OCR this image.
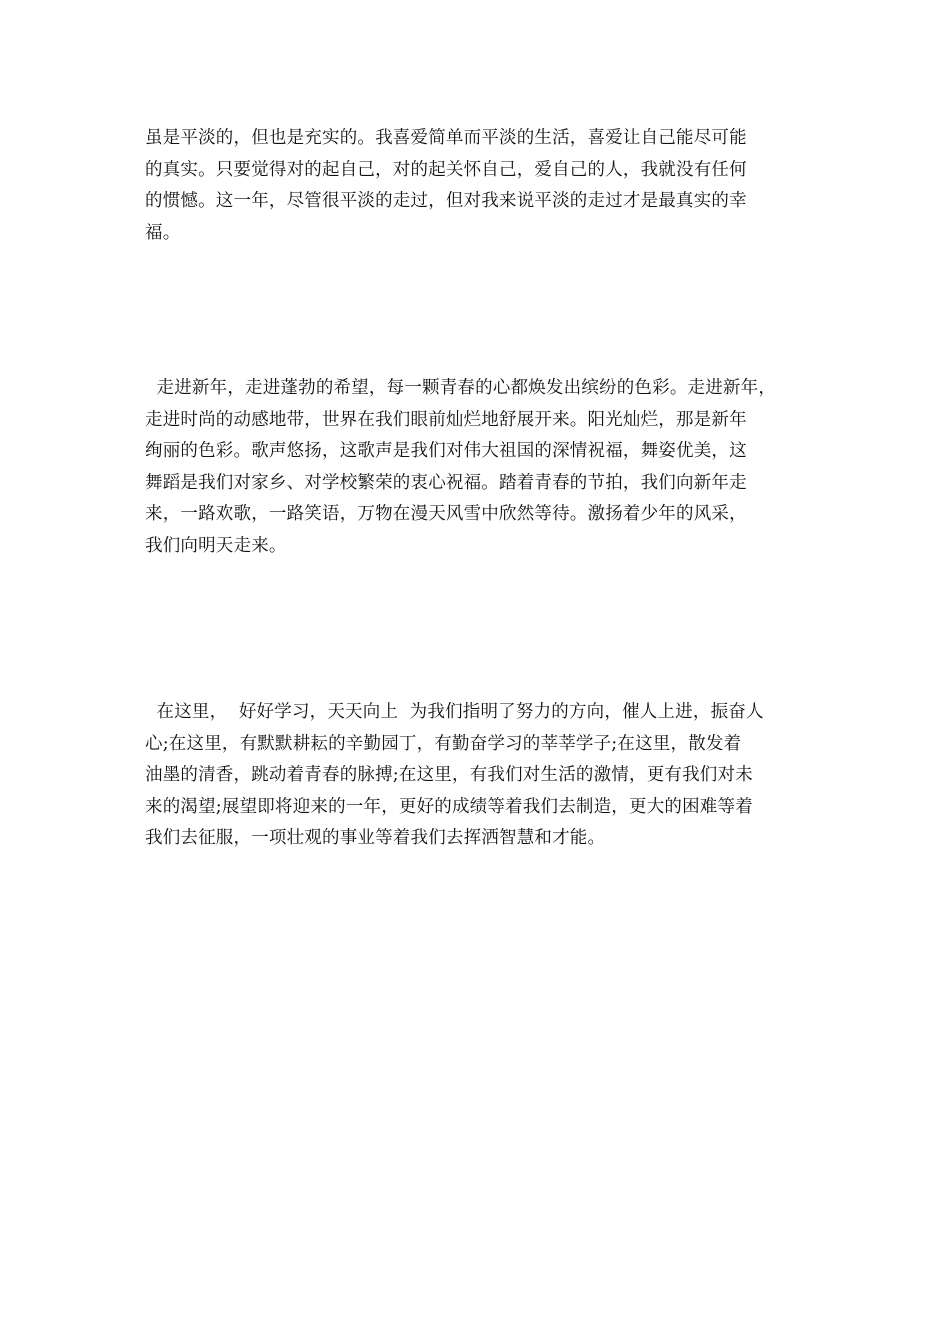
虽是平淡的，但也是充实的。我喜爱简单而平淡的生活，喜爱让自己能尽可能
的真实。只要觉得对的起自己，对的起关怀自己，爱自己的人，我就没有任何
的惯憾。这一年，尽管很平淡的走过，但对我来说平淡的走过才是最真实的幸
福。
走进新年，走进蓬勃的希望，每一颗青春的心都焕发出缤纷的色彩。走进新年，
走进时尚的动感地带，世界在我们眼前灿烂地舒展开来。阳光灿烂，那是新年
绚丽的色彩。歌声悠扬，这歌声是我们对伟大祖国的深情祝福，舞姿优美，这
舞蹈是我们对家乡、对学校繁荣的衷心祝福。踏着青春的节拍，我们向新年走
来，一路欢歌，一路笑语，万物在漫天风雪中欣然等待。激扬着少年的风采，
我们向明天走来。
在这里，  好好学习，天天向上  为我们指明了努力的方向，催人上进，振奋人
心;在这里，有默默耕耘的辛勤园丁，有勤奋学习的莘莘学子;在这里，散发着
油墨的清香，跳动着青春的脉搏;在这里，有我们对生活的激情，更有我们对未
来的渴望;展望即将迎来的一年，更好的成绩等着我们去制造，更大的困难等着
我们去征服，一项壮观的事业等着我们去挥洒智慧和才能。
